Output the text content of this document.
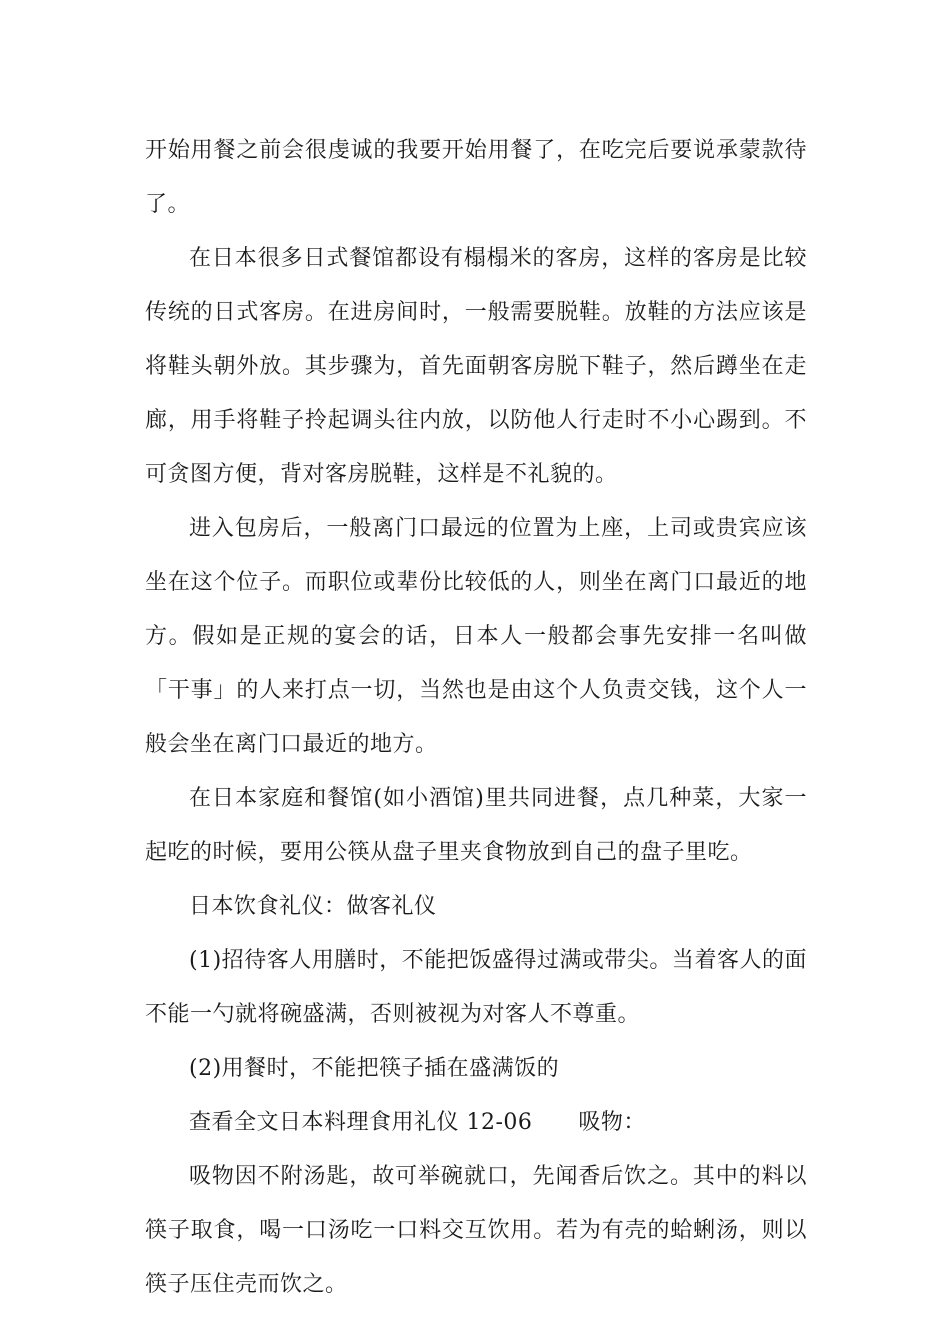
开始用餐之前会很虔诚的我要开始用餐了，在吃完后要说承蒙款待
了。
在日本很多日式餐馆都设有榻榻米的客房，这样的客房是比较
传统的日式客房。在进房间时，一般需要脱鞋。放鞋的方法应该是
将鞋头朝外放。其步骤为，首先面朝客房脱下鞋子，然后蹲坐在走
廊，用手将鞋子拎起调头往内放，以防他人行走时不小心踢到。不
可贪图方便，背对客房脱鞋，这样是不礼貌的。
进入包房后，一般离门口最远的位置为上座，上司或贵宾应该
坐在这个位子。而职位或辈份比较低的人，则坐在离门口最近的地
方。假如是正规的宴会的话，日本人一般都会事先安排一名叫做
「干事」的人来打点一切，当然也是由这个人负责交钱，这个人一
般会坐在离门口最近的地方。
在日本家庭和餐馆(如小酒馆)里共同进餐，点几种菜，大家一
起吃的时候，要用公筷从盘子里夹食物放到自己的盘子里吃。
日本饮食礼仪：做客礼仪
(1)招待客人用膳时，不能把饭盛得过满或带尖。当着客人的面
不能一勺就将碗盛满，否则被视为对客人不尊重。
(2)用餐时，不能把筷子插在盛满饭的
查看全文日本料理食用礼仪 12-06 吸物：
吸物因不附汤匙，故可举碗就口，先闻香后饮之。其中的料以
筷子取食，喝一口汤吃一口料交互饮用。若为有壳的蛤蜊汤，则以
筷子压住壳而饮之。
